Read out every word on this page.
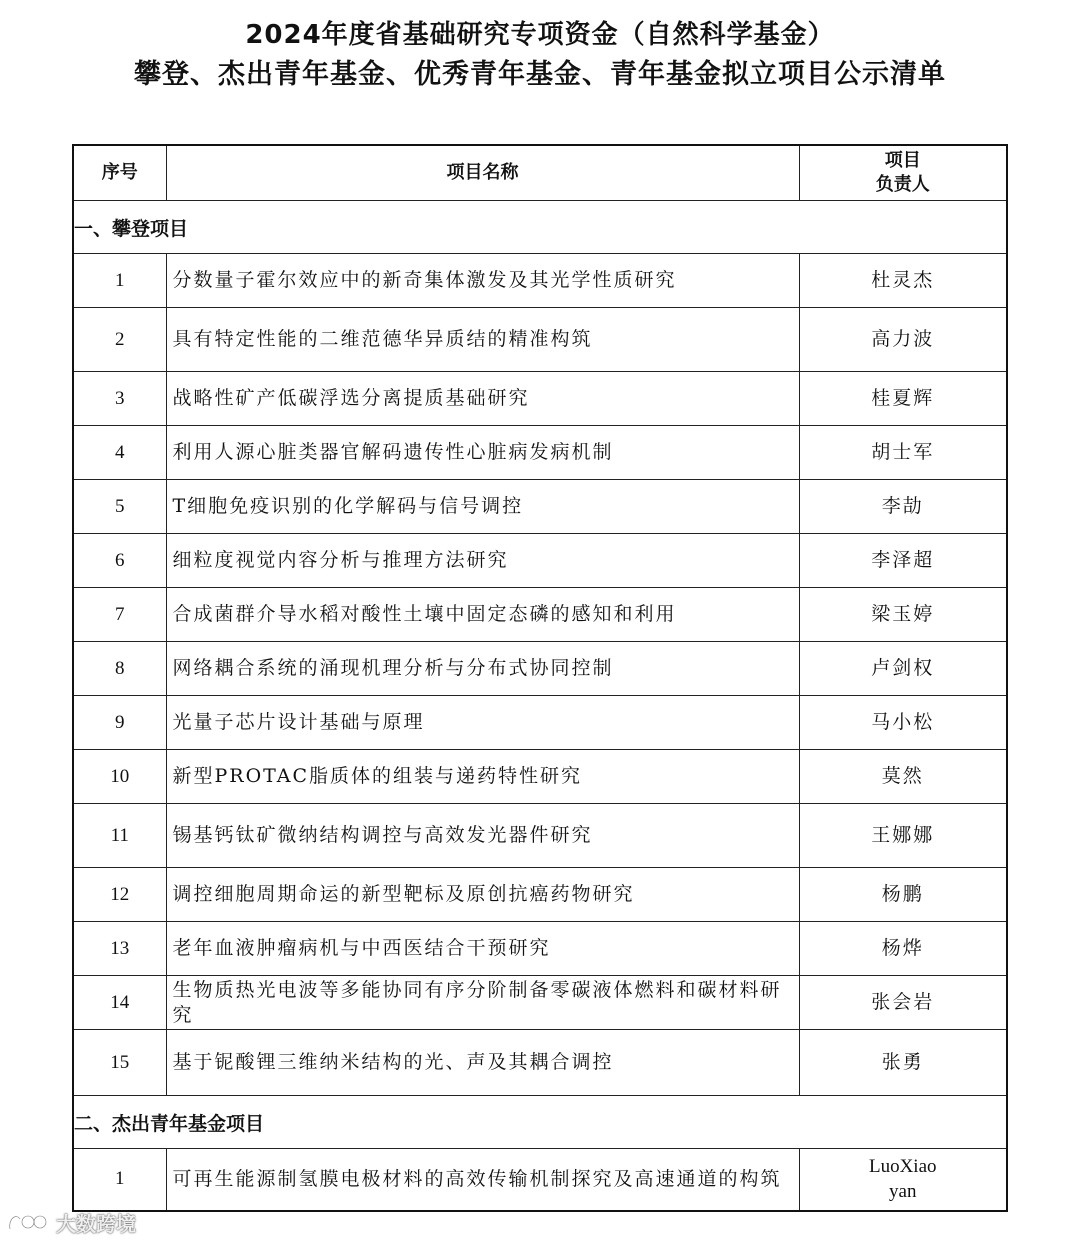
2024年度省基础研究专项资金（自然科学基金）
攀登、杰出青年基金、优秀青年基金、青年基金拟立项目公示清单
序号	项目名称	项目
负责人
一、攀登项目		
1	分数量子霍尔效应中的新奇集体激发及其光学性质研究	杜灵杰
2	具有特定性能的二维范德华异质结的精准构筑	高力波
3	战略性矿产低碳浮选分离提质基础研究	桂夏辉
4	利用人源心脏类器官解码遗传性心脏病发病机制	胡士军
5	T细胞免疫识别的化学解码与信号调控	李劼
6	细粒度视觉内容分析与推理方法研究	李泽超
7	合成菌群介导水稻对酸性土壤中固定态磷的感知和利用	梁玉婷
8	网络耦合系统的涌现机理分析与分布式协同控制	卢剑权
9	光量子芯片设计基础与原理	马小松
10	新型PROTAC脂质体的组装与递药特性研究	莫然
11	锡基钙钛矿微纳结构调控与高效发光器件研究	王娜娜
12	调控细胞周期命运的新型靶标及原创抗癌药物研究	杨鹏
13	老年血液肿瘤病机与中西医结合干预研究	杨烨
14	生物质热光电波等多能协同有序分阶制备零碳液体燃料和碳材料研究	张会岩
15	基于铌酸锂三维纳米结构的光、声及其耦合调控	张勇
二、杰出青年基金项目		
1	可再生能源制氢膜电极材料的高效传输机制探究及高速通道的构筑	LuoXiao
yan
大数跨境
